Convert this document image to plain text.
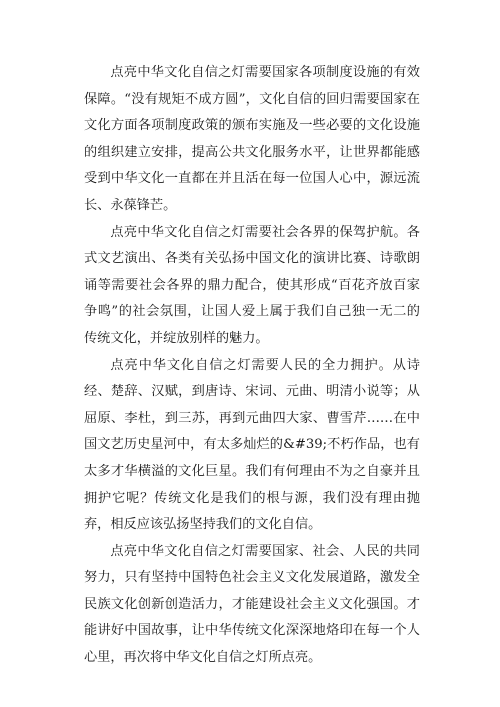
点亮中华文化自信之灯需要国家各项制度设施的有效保障。“没有规矩不成方圆”，文化自信的回归需要国家在文化方面各项制度政策的颁布实施及一些必要的文化设施的组织建立安排，提高公共文化服务水平，让世界都能感受到中华文化一直都在并且活在每一位国人心中，源远流长、永葆锋芒。

点亮中华文化自信之灯需要社会各界的保驾护航。各式文艺演出、各类有关弘扬中国文化的演讲比赛、诗歌朗诵等需要社会各界的鼎力配合，使其形成“百花齐放百家争鸣”的社会氛围，让国人爱上属于我们自己独一无二的传统文化，并绽放别样的魅力。

点亮中华文化自信之灯需要人民的全力拥护。从诗经、楚辞、汉赋，到唐诗、宋词、元曲、明清小说等；从屈原、李杜，到三苏，再到元曲四大家、曹雪芹……在中国文艺历史星河中，有太多灿烂的&#39;不朽作品，也有太多才华横溢的文化巨星。我们有何理由不为之自豪并且拥护它呢？传统文化是我们的根与源，我们没有理由抛弃，相反应该弘扬坚持我们的文化自信。

点亮中华文化自信之灯需要国家、社会、人民的共同努力，只有坚持中国特色社会主义文化发展道路，激发全民族文化创新创造活力，才能建设社会主义文化强国。才能讲好中国故事，让中华传统文化深深地烙印在每一个人心里，再次将中华文化自信之灯所点亮。
